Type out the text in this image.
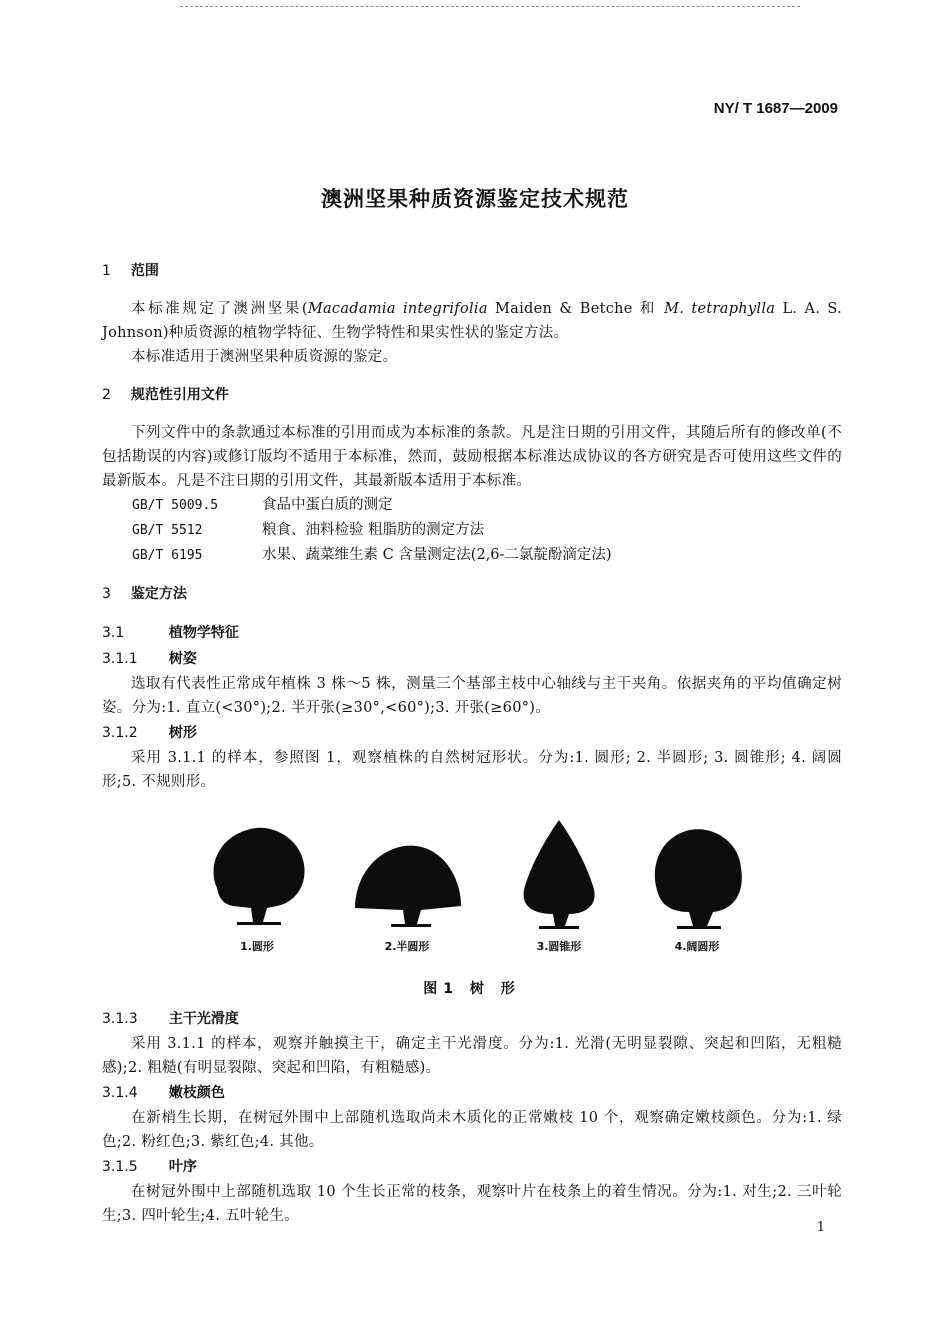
NY/ T 1687—2009
澳洲坚果种质资源鉴定技术规范
1 范围

本标准规定了澳洲坚果(Macadamia integrifolia Maiden & Betche 和 M. tetraphylla L. A. S. Johnson)种质资源的植物学特征、生物学特性和果实性状的鉴定方法。

本标准适用于澳洲坚果种质资源的鉴定。

2 规范性引用文件

下列文件中的条款通过本标准的引用而成为本标准的条款。凡是注日期的引用文件，其随后所有的修改单(不包括勘误的内容)或修订版均不适用于本标准，然而，鼓励根据本标准达成协议的各方研究是否可使用这些文件的最新版本。凡是不注日期的引用文件，其最新版本适用于本标准。

GB/T 5009.5	食品中蛋白质的测定
GB/T 5512	粮食、油料检验 粗脂肪的测定方法
GB/T 6195	水果、蔬菜维生素 C 含量测定法(2,6-二氯靛酚滴定法)
3 鉴定方法
3.1	植物学特征
3.1.1 树姿

选取有代表性正常成年植株 3 株～5 株，测量三个基部主枝中心轴线与主干夹角。依据夹角的平均值确定树姿。分为:1. 直立(<30°);2. 半开张(≥30°,<60°);3. 开张(≥60°)。

3.1.2 树形

采用 3.1.1 的样本，参照图 1，观察植株的自然树冠形状。分为:1. 圆形; 2. 半圆形; 3. 圆锥形; 4. 阔圆形;5. 不规则形。

1.圆形	2.半圆形	3.圆锥形	4.阔圆形
图1 树 形
3.1.3 主干光滑度

采用 3.1.1 的样本，观察并触摸主干，确定主干光滑度。分为:1. 光滑(无明显裂隙、突起和凹陷，无粗糙感);2. 粗糙(有明显裂隙、突起和凹陷，有粗糙感)。

3.1.4 嫩枝颜色

在新梢生长期，在树冠外围中上部随机选取尚未木质化的正常嫩枝 10 个，观察确定嫩枝颜色。分为:1. 绿色;2. 粉红色;3. 紫红色;4. 其他。

3.1.5 叶序

在树冠外围中上部随机选取 10 个生长正常的枝条，观察叶片在枝条上的着生情况。分为:1. 对生;2. 三叶轮生;3. 四叶轮生;4. 五叶轮生。

1
